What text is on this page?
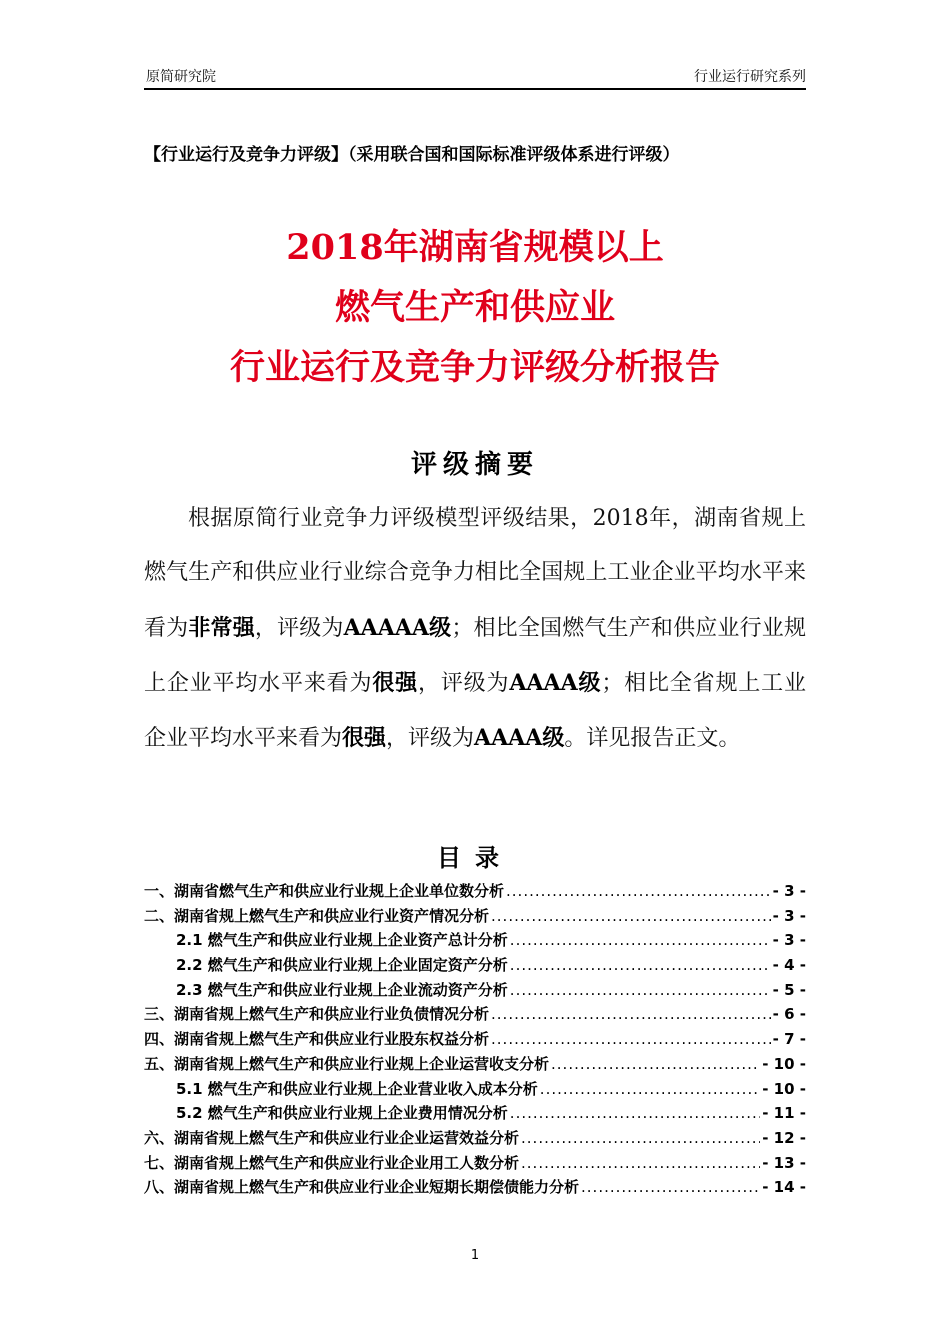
原简研究院	行业运行研究系列
【行业运行及竞争力评级】（采用联合国和国际标准评级体系进行评级）
2018年湖南省规模以上
燃气生产和供应业
行业运行及竞争力评级分析报告
评级摘要
根据原简行业竞争力评级模型评级结果，2018年，湖南省规上燃气生产和供应业行业综合竞争力相比全国规上工业企业平均水平来看为非常强，评级为AAAAA级；相比全国燃气生产和供应业行业规上企业平均水平来看为很强，评级为AAAA级；相比全省规上工业企业平均水平来看为很强，评级为AAAA级。详见报告正文。
目录
一、湖南省燃气生产和供应业行业规上企业单位数分析 .....	- 3 -
二、湖南省规上燃气生产和供应业行业资产情况分析 .....	- 3 -
2.1 燃气生产和供应业行业规上企业资产总计分析 .....	- 3 -
2.2 燃气生产和供应业行业规上企业固定资产分析 .....	- 4 -
2.3 燃气生产和供应业行业规上企业流动资产分析 .....	- 5 -
三、湖南省规上燃气生产和供应业行业负债情况分析 .....	- 6 -
四、湖南省规上燃气生产和供应业行业股东权益分析 .....	- 7 -
五、湖南省规上燃气生产和供应业行业规上企业运营收支分析 .....	- 10 -
5.1 燃气生产和供应业行业规上企业营业收入成本分析 .....	- 10 -
5.2 燃气生产和供应业行业规上企业费用情况分析 .....	- 11 -
六、湖南省规上燃气生产和供应业行业企业运营效益分析 .....	- 12 -
七、湖南省规上燃气生产和供应业行业企业用工人数分析 .....	- 13 -
八、湖南省规上燃气生产和供应业行业企业短期长期偿债能力分析 .....	- 14 -
1
